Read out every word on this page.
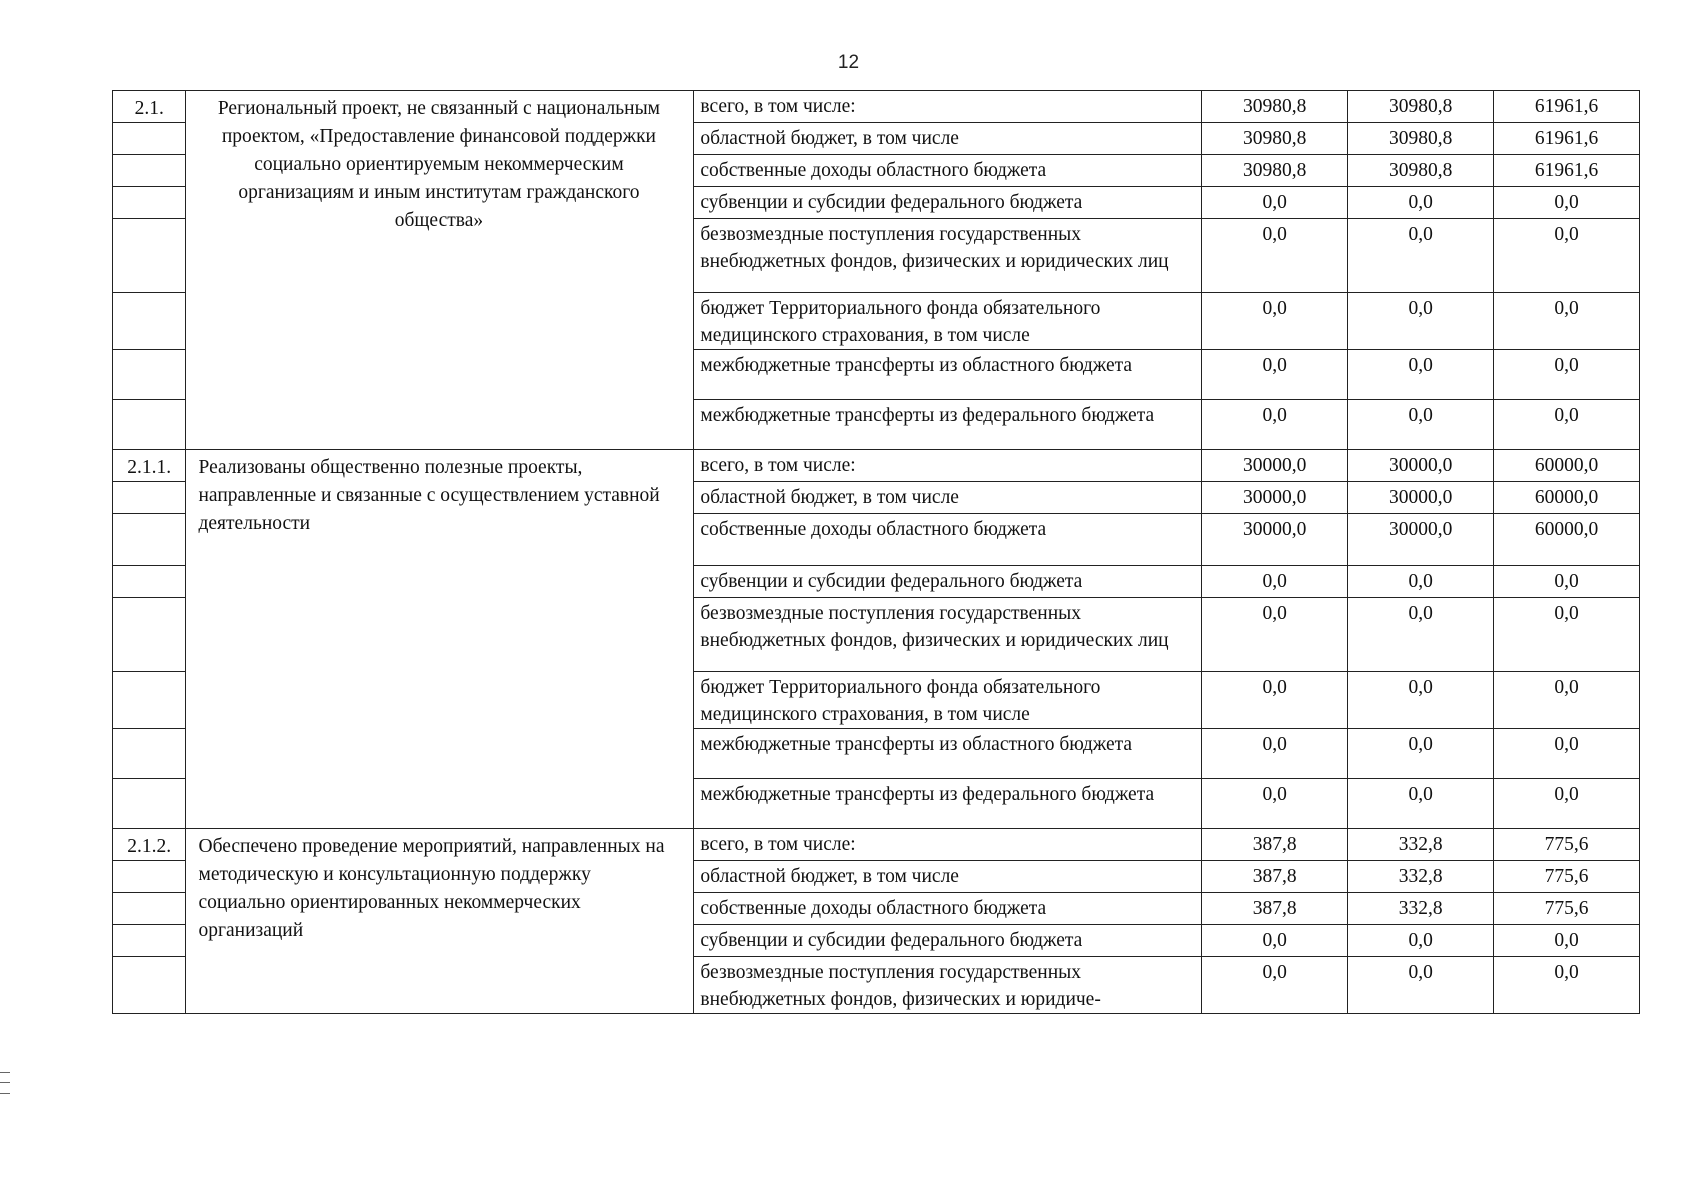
12
2.1.	Региональный проект, не связанный с национальным проектом, «Предоставление финансовой поддержки социально ориентируемым некоммерческим организациям и иным институтам гражданского общества»	всего, в том числе:	30980,8	30980,8	61961,6
		областной бюджет, в том числе	30980,8	30980,8	61961,6
		собственные доходы областного бюджета	30980,8	30980,8	61961,6
		субвенции и субсидии федерального бюджета	0,0	0,0	0,0
		безвозмездные поступления государственных внебюджетных фондов, физических и юридических лиц	0,0	0,0	0,0
		бюджет Территориального фонда обязательного медицинского страхования, в том числе	0,0	0,0	0,0
		межбюджетные трансферты из областного бюджета	0,0	0,0	0,0
		межбюджетные трансферты из федерального бюджета	0,0	0,0	0,0
2.1.1.	Реализованы общественно полезные проекты, направленные и связанные с осуществлением уставной деятельности	всего, в том числе:	30000,0	30000,0	60000,0
		областной бюджет, в том числе	30000,0	30000,0	60000,0
		собственные доходы областного бюджета	30000,0	30000,0	60000,0
		субвенции и субсидии федерального бюджета	0,0	0,0	0,0
		безвозмездные поступления государственных внебюджетных фондов, физических и юридических лиц	0,0	0,0	0,0
		бюджет Территориального фонда обязательного медицинского страхования, в том числе	0,0	0,0	0,0
		межбюджетные трансферты из областного бюджета	0,0	0,0	0,0
		межбюджетные трансферты из федерального бюджета	0,0	0,0	0,0
2.1.2.	Обеспечено проведение мероприятий, направленных на методическую и консультационную поддержку социально ориентированных некоммерческих организаций	всего, в том числе:	387,8	332,8	775,6
		областной бюджет, в том числе	387,8	332,8	775,6
		собственные доходы областного бюджета	387,8	332,8	775,6
		субвенции и субсидии федерального бюджета	0,0	0,0	0,0
		безвозмездные поступления государственных внебюджетных фондов, физических и юридиче-	0,0	0,0	0,0
